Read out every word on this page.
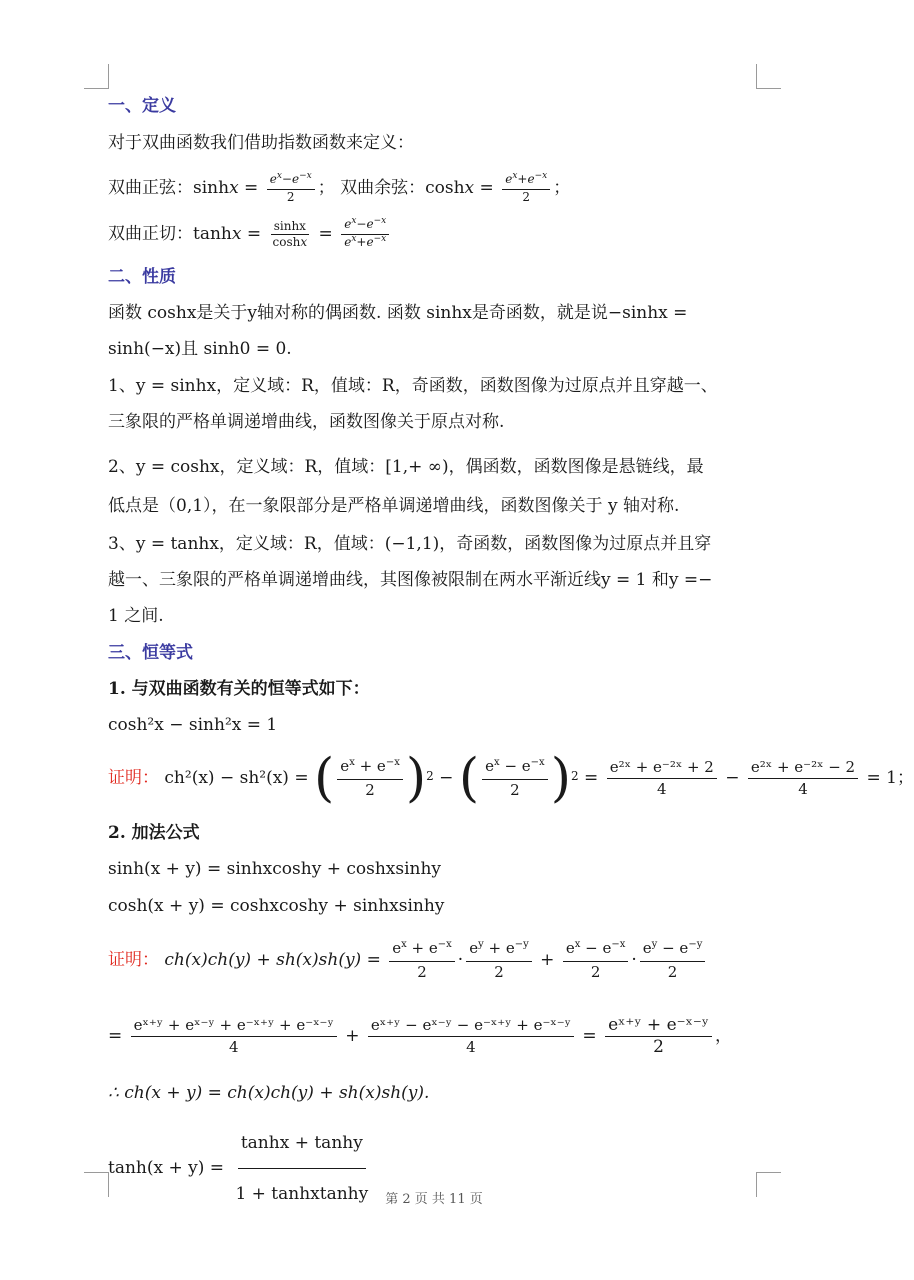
一、定义
对于双曲函数我们借助指数函数来定义：
双曲正弦：$\sinh x = \frac{e^x-e^{-x}}{2}$ ； 双曲余弦：$\cosh x = \frac{e^x+e^{-x}}{2}$ ；
双曲正切：$\tanh x = \frac{\sinh x}{\cosh x} = \frac{e^x-e^{-x}}{e^x+e^{-x}}$
二、性质
函数 coshx是关于y轴对称的偶函数. 函数 sinhx是奇函数，就是说−sinhx =
sinh(−x)且 sinh0 = 0.
1、y = sinhx，定义域：R，值域：R，奇函数，函数图像为过原点并且穿越一、
三象限的严格单调递增曲线，函数图像关于原点对称.
2、y = coshx，定义域：R，值域：[1,+ ∞)，偶函数，函数图像是悬链线，最
低点是（0,1），在一象限部分是严格单调递增曲线，函数图像关于 y 轴对称.
3、y = tanhx，定义域：R，值域：(−1,1)，奇函数，函数图像为过原点并且穿
越一、三象限的严格单调递增曲线，其图像被限制在两水平渐近线y = 1 和y =−
1 之间.
三、恒等式
1. 与双曲函数有关的恒等式如下：
cosh²x − sinh²x = 1
证明： ch²(x) − sh²(x) = ( $\frac{e^x + e^{-x}}{2} )^2$ − ( $\frac{e^x - e^{-x}}{2} )^2 = \frac{\text{e²ˣ + e⁻²ˣ + 2}}{4} - \frac{\text{e²ˣ + e⁻²ˣ − 2}}{4} = 1$；
2. 加法公式
sinh(x + y) = sinhxcoshy + coshxsinhy
cosh(x + y) = coshxcoshy + sinhxsinhy
证明： $ch(x)ch(y) + sh(x)sh(y) = \frac{e^x + e^{-x}}{2} \cdot \frac{e^y + e^{-y}}{2} + \frac{e^x - e^{-x}}{2} \cdot \frac{e^y - e^{-y}}{2}$
= $\frac{\text{eˣ⁺ʸ + eˣ⁻ʸ + e⁻ˣ⁺ʸ + e⁻ˣ⁻ʸ}}{4} + \frac{\text{eˣ⁺ʸ − eˣ⁻ʸ − e⁻ˣ⁺ʸ + e⁻ˣ⁻ʸ}}{4} = \frac{\text{eˣ⁺ʸ + e⁻ˣ⁻ʸ}}{2}$ ，
∴ ch(x + y) = ch(x)ch(y) + sh(x)sh(y).
$\tanh(x + y) = \frac{\tanh x + \tanh y}{\text{1 + tanhxtanhy}}$	第 2 页 共 11 页
